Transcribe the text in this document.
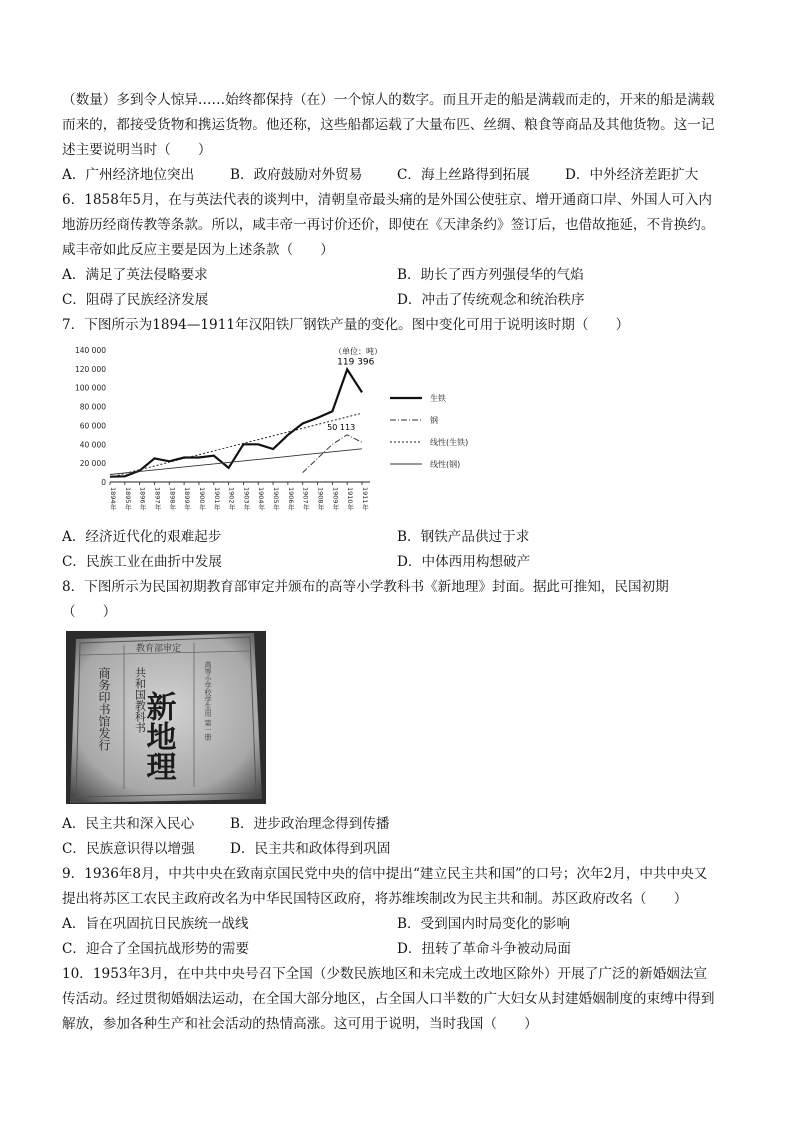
（数量）多到令人惊异……始终都保持（在）一个惊人的数字。而且开走的船是满载而走的，开来的船是满载
而来的，都接受货物和携运货物。他还称，这些船都运载了大量布匹、丝绸、粮食等商品及其他货物。这一记
述主要说明当时（　　）
A．广州经济地位突出	B．政府鼓励对外贸易	C．海上丝路得到拓展	D．中外经济差距扩大
6．1858年5月，在与英法代表的谈判中，清朝皇帝最头痛的是外国公使驻京、增开通商口岸、外国人可入内
地游历经商传教等条款。所以，咸丰帝一再讨价还价，即使在《天津条约》签订后，也借故拖延，不肯换约。
咸丰帝如此反应主要是因为上述条款（　　）
A．满足了英法侵略要求	B．助长了西方列强侵华的气焰
C．阻碍了民族经济发展	D．冲击了传统观念和统治秩序
7．下图所示为1894—1911年汉阳铁厂钢铁产量的变化。图中变化可用于说明该时期（　　）
0
20 000
40 000
60 000
80 000
100 000
120 000
140 000
1894年 1895年 1896年 1897年 1898年 1899年 1900年 1901年 1902年 1903年 1904年 1905年 1906年 1907年 1908年 1909年 1910年 1911年
生铁
钢
线性(生铁)
线性(钢)
（单位：吨）
119 396
50 113
A．经济近代化的艰难起步	B．钢铁产品供过于求
C．民族工业在曲折中发展	D．中体西用构想破产
8．下图所示为民国初期教育部审定并颁布的高等小学教科书《新地理》封面。据此可推知，民国初期
（　　）
教育部审定
共和国教科书
新地理	高等小学校学生用 第一册
商务印书馆发行
A．民主共和深入民心	B．进步政治理念得到传播
C．民族意识得以增强	D．民主共和政体得到巩固
9．1936年8月，中共中央在致南京国民党中央的信中提出“建立民主共和国”的口号；次年2月，中共中央又
提出将苏区工农民主政府改名为中华民国特区政府，将苏维埃制改为民主共和制。苏区政府改名（　　）
A．旨在巩固抗日民族统一战线	B．受到国内时局变化的影响
C．迎合了全国抗战形势的需要	D．扭转了革命斗争被动局面
10．1953年3月，在中共中央号召下全国（少数民族地区和未完成土改地区除外）开展了广泛的新婚姻法宣
传活动。经过贯彻婚姻法运动，在全国大部分地区，占全国人口半数的广大妇女从封建婚姻制度的束缚中得到
解放，参加各种生产和社会活动的热情高涨。这可用于说明，当时我国（　　）
